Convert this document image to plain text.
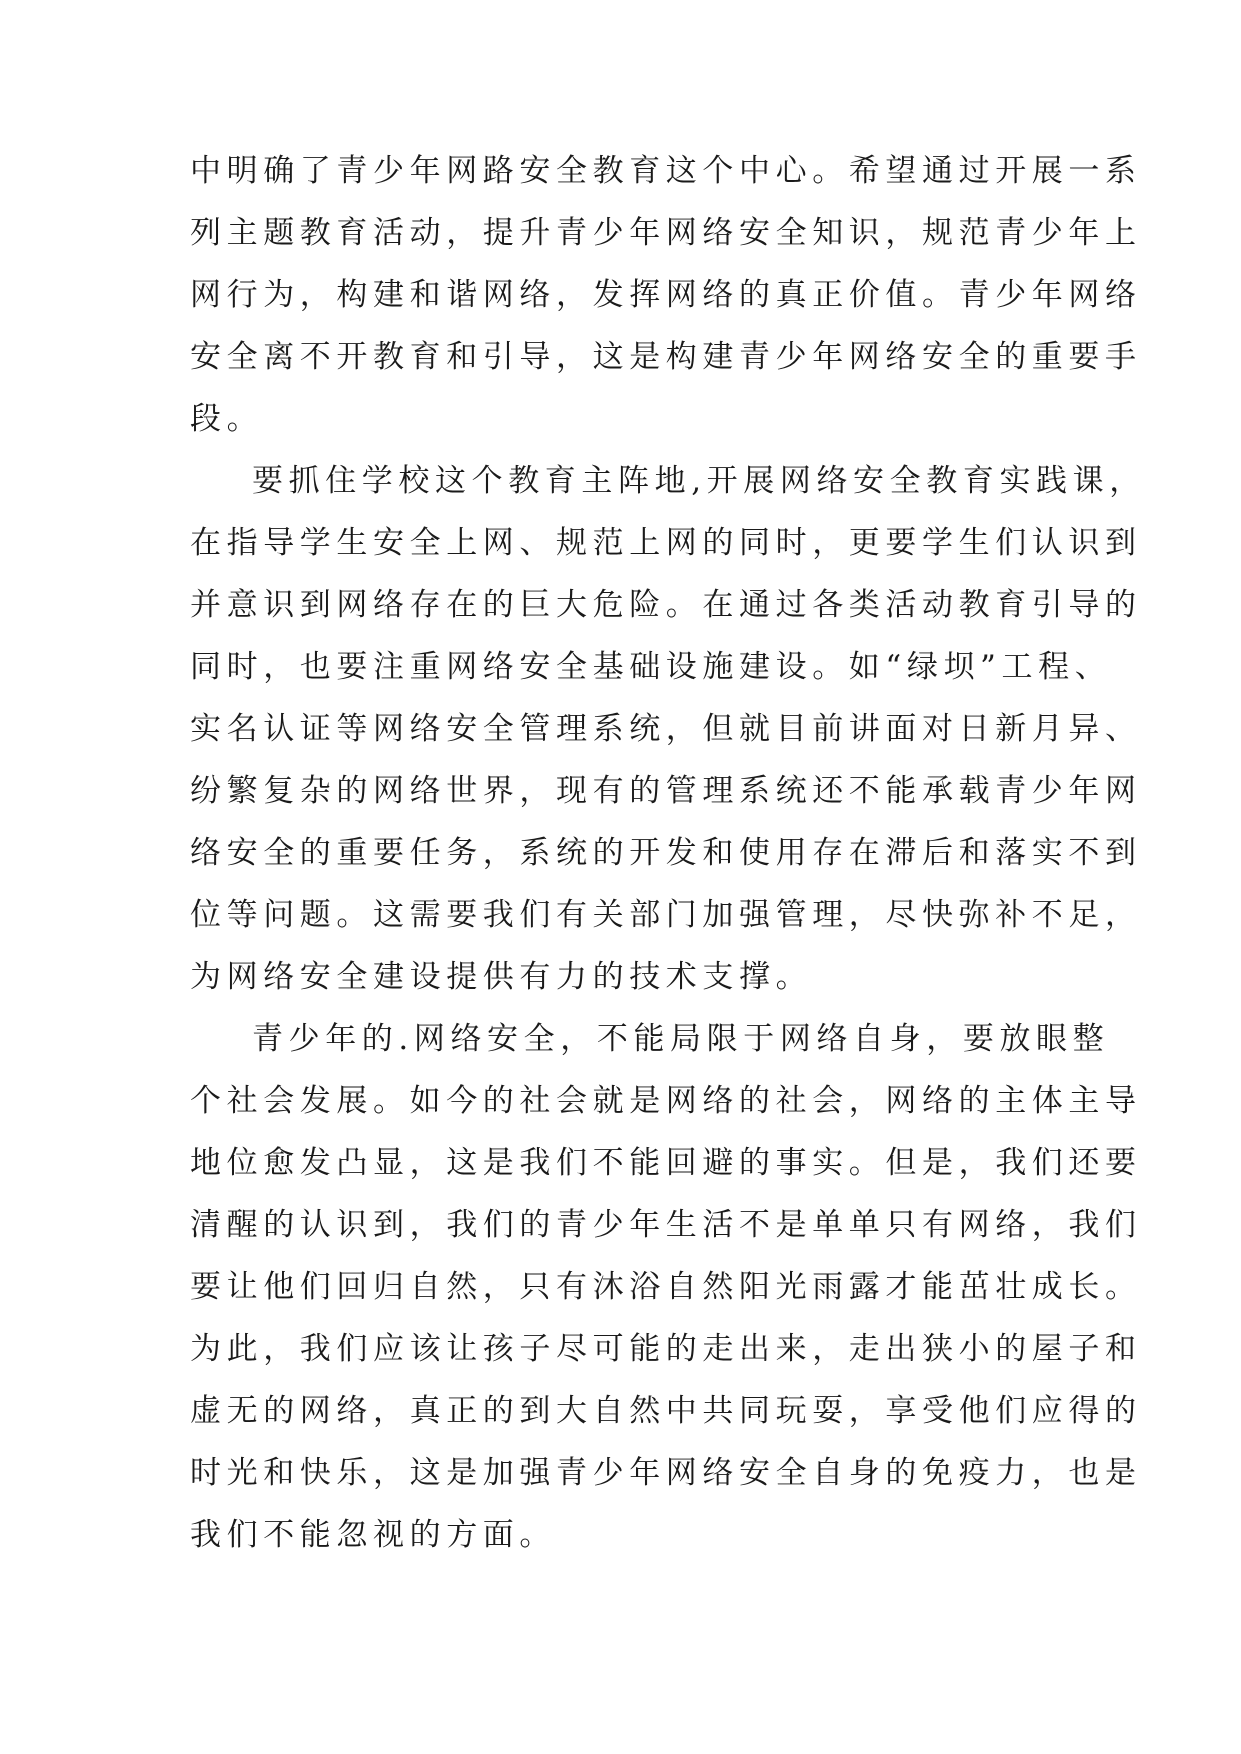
中明确了青少年网路安全教育这个中心。希望通过开展一系
列主题教育活动，提升青少年网络安全知识，规范青少年上
网行为，构建和谐网络，发挥网络的真正价值。青少年网络
安全离不开教育和引导，这是构建青少年网络安全的重要手
段。
要抓住学校这个教育主阵地,开展网络安全教育实践课，
在指导学生安全上网、规范上网的同时，更要学生们认识到
并意识到网络存在的巨大危险。在通过各类活动教育引导的
同时，也要注重网络安全基础设施建设。如“绿坝”工程、
实名认证等网络安全管理系统，但就目前讲面对日新月异、
纷繁复杂的网络世界，现有的管理系统还不能承载青少年网
络安全的重要任务，系统的开发和使用存在滞后和落实不到
位等问题。这需要我们有关部门加强管理，尽快弥补不足，
为网络安全建设提供有力的技术支撑。
青少年的.网络安全，不能局限于网络自身，要放眼整
个社会发展。如今的社会就是网络的社会，网络的主体主导
地位愈发凸显，这是我们不能回避的事实。但是，我们还要
清醒的认识到，我们的青少年生活不是单单只有网络，我们
要让他们回归自然，只有沐浴自然阳光雨露才能茁壮成长。
为此，我们应该让孩子尽可能的走出来，走出狭小的屋子和
虚无的网络，真正的到大自然中共同玩耍，享受他们应得的
时光和快乐，这是加强青少年网络安全自身的免疫力，也是
我们不能忽视的方面。
